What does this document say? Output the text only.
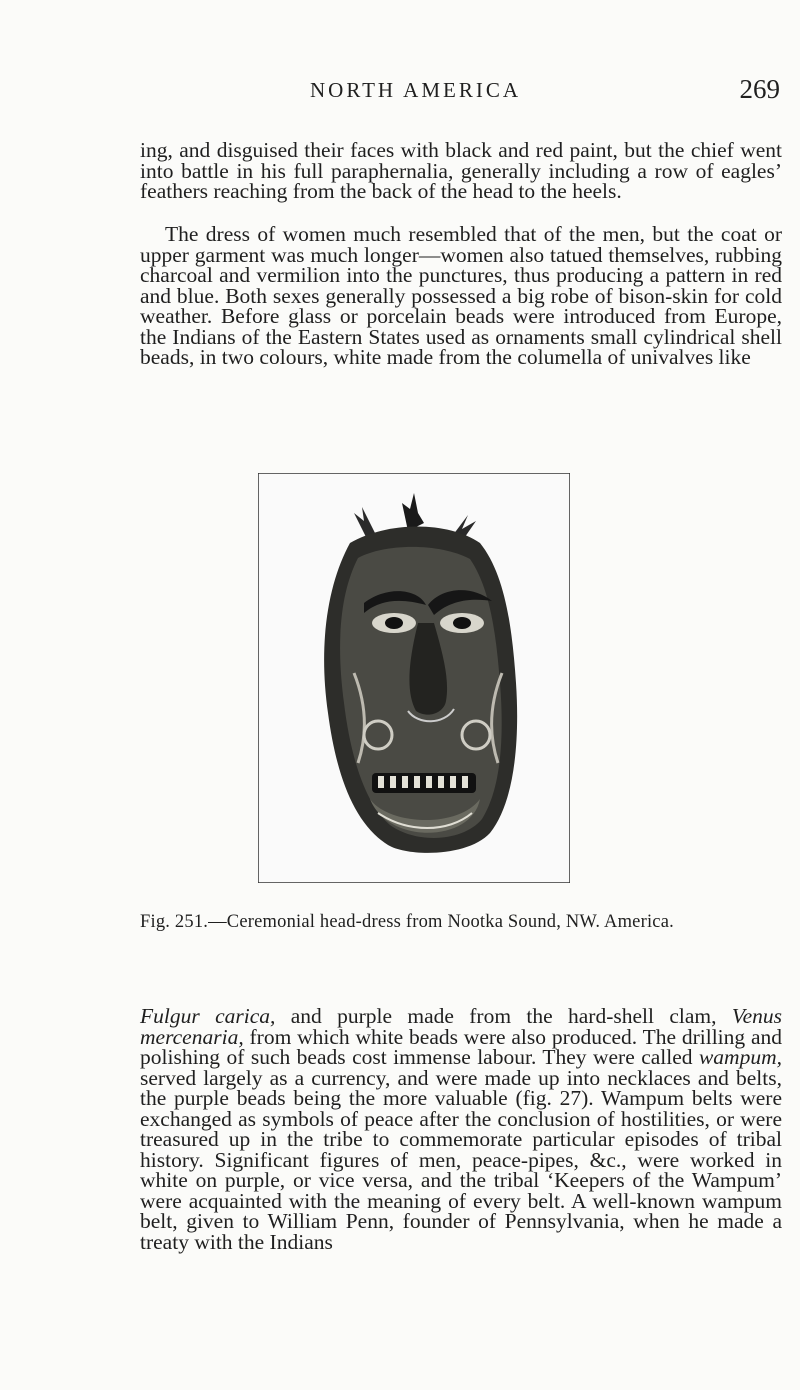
NORTH AMERICA	269

ing, and disguised their faces with black and red paint, but the chief went into battle in his full paraphernalia, generally including a row of eagles’ feathers reaching from the back of the head to the heels.

The dress of women much resembled that of the men, but the coat or upper garment was much longer—women also tatued themselves, rubbing charcoal and vermilion into the punctures, thus producing a pattern in red and blue. Both sexes generally possessed a big robe of bison-skin for cold weather. Before glass or porcelain beads were introduced from Europe, the Indians of the Eastern States used as ornaments small cylindrical shell beads, in two colours, white made from the columella of univalves like

Fig. 251.—Ceremonial head-dress from Nootka Sound, NW. America.

Fulgur carica, and purple made from the hard-shell clam, Venus mercenaria, from which white beads were also produced. The drilling and polishing of such beads cost immense labour. They were called wampum, served largely as a currency, and were made up into necklaces and belts, the purple beads being the more valuable (fig. 27). Wampum belts were exchanged as symbols of peace after the conclusion of hostilities, or were treasured up in the tribe to commemorate particular episodes of tribal history. Significant figures of men, peace-pipes, &c., were worked in white on purple, or vice versa, and the tribal ‘Keepers of the Wampum’ were acquainted with the meaning of every belt. A well-known wampum belt, given to William Penn, founder of Pennsylvania, when he made a treaty with the Indians
